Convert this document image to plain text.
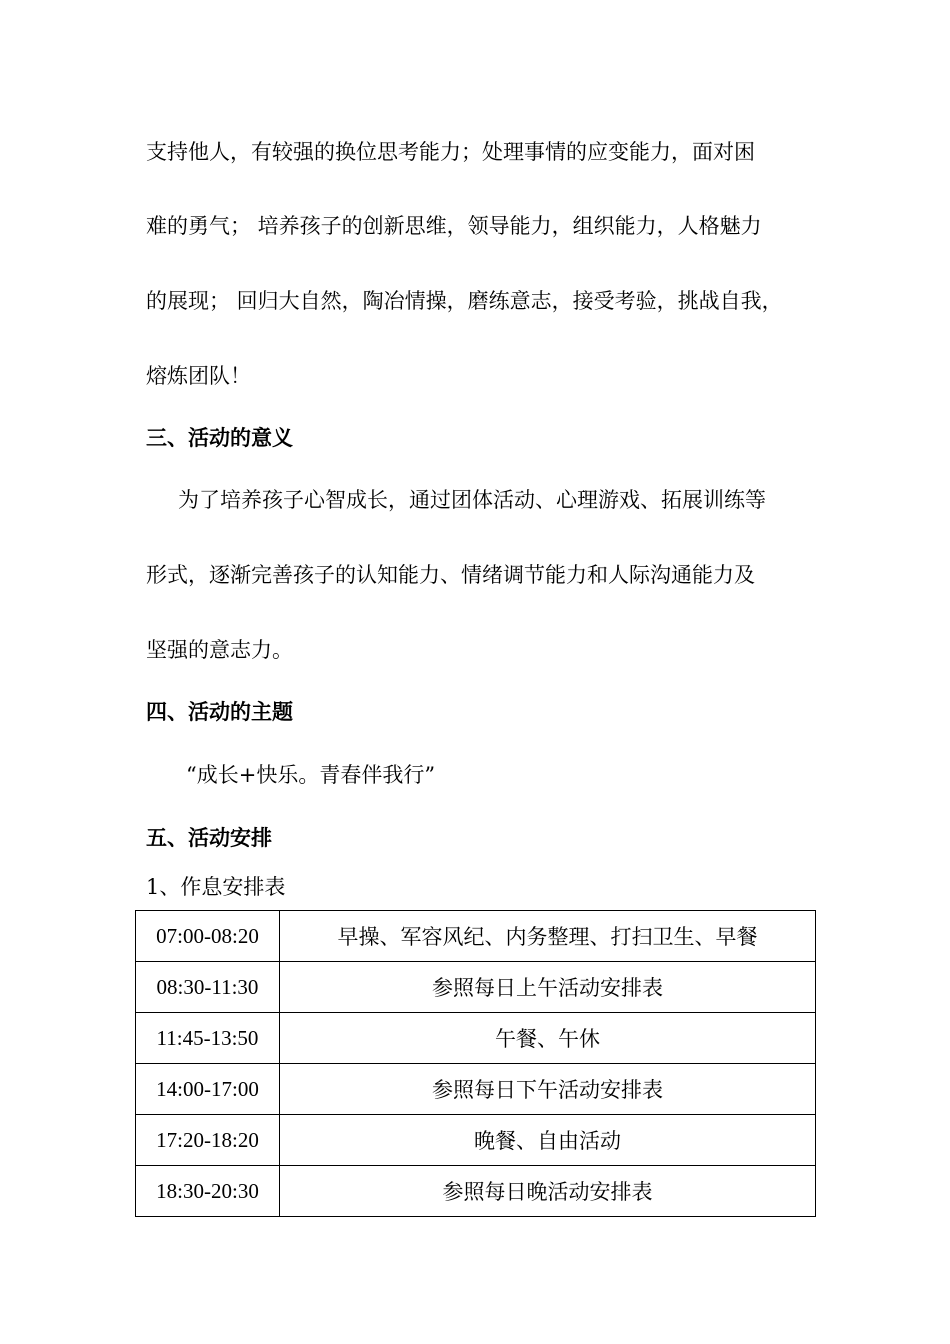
支持他人，有较强的换位思考能力；处理事情的应变能力，面对困

难的勇气； 培养孩子的创新思维，领导能力，组织能力，人格魅力

的展现； 回归大自然，陶冶情操，磨练意志，接受考验，挑战自我，

熔炼团队！

三、活动的意义

为了培养孩子心智成长，通过团体活动、心理游戏、拓展训练等

形式，逐渐完善孩子的认知能力、情绪调节能力和人际沟通能力及

坚强的意志力。

四、活动的主题

“成长+快乐。青春伴我行”

五、活动安排

1、作息安排表

07:00-08:20	早操、军容风纪、内务整理、打扫卫生、早餐
08:30-11:30	参照每日上午活动安排表
11:45-13:50	午餐、午休
14:00-17:00	参照每日下午活动安排表
17:20-18:20	晚餐、自由活动
18:30-20:30	参照每日晚活动安排表
